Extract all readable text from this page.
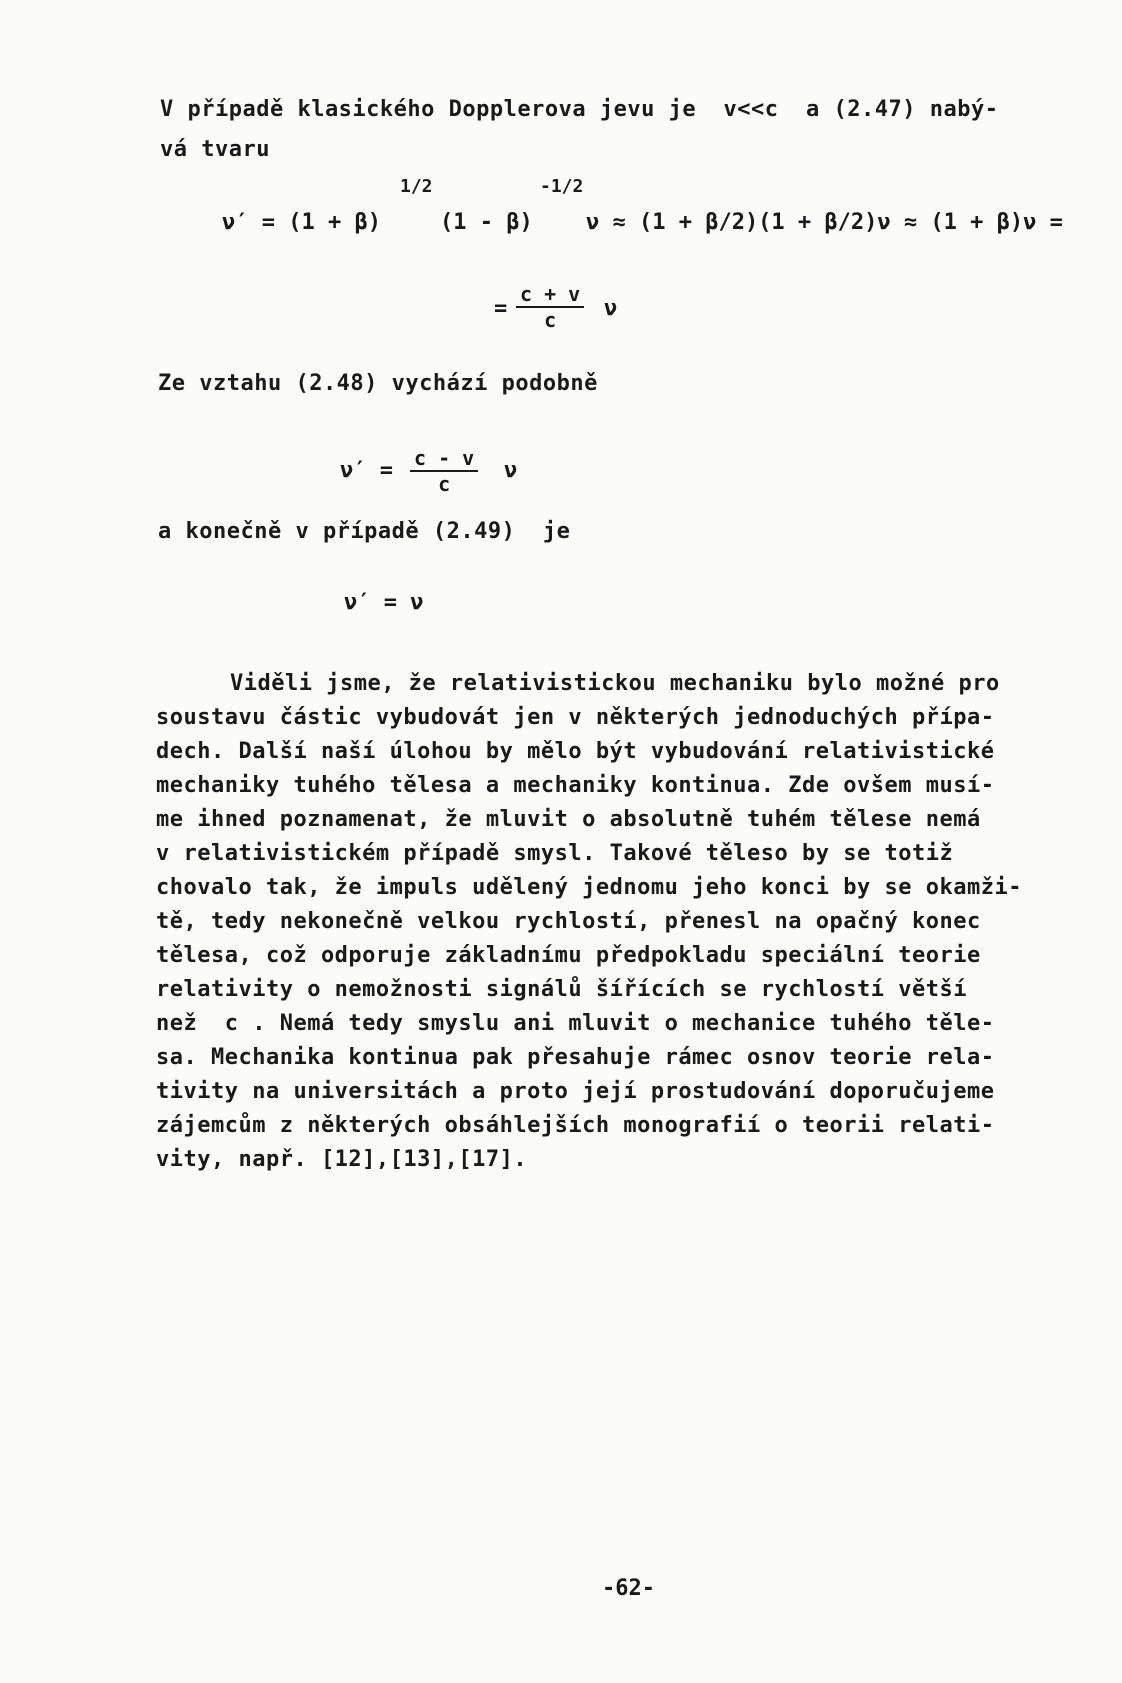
V případě klasického Dopplerova jevu je  v<<c  a (2.47) nabý-
vá tvaru
ν′ = (1 + β)
1/2
(1 - β)
-1/2
ν ≈ (1 + β/2)(1 + β/2)ν ≈ (1 + β)ν =
= $\frac{c + v}{c}$ ν
Ze vztahu (2.48) vychází podobně
$\nu' = \frac{c - v}{c}$ ν
a konečně v případě (2.49)  je
ν′ = ν
Viděli jsme, že relativistickou mechaniku bylo možné pro
soustavu částic vybudovát jen v některých jednoduchých přípa-
dech. Další naší úlohou by mělo být vybudování relativistické
mechaniky tuhého tělesa a mechaniky kontinua. Zde ovšem musí-
me ihned poznamenat, že mluvit o absolutně tuhém tělese nemá
v relativistickém případě smysl. Takové těleso by se totiž
chovalo tak, že impuls udělený jednomu jeho konci by se okamži-
tě, tedy nekonečně velkou rychlostí, přenesl na opačný konec
tělesa, což odporuje základnímu předpokladu speciální teorie
relativity o nemožnosti signálů šířících se rychlostí větší
než  c . Nemá tedy smyslu ani mluvit o mechanice tuhého těle-
sa. Mechanika kontinua pak přesahuje rámec osnov teorie rela-
tivity na universitách a proto její prostudování doporučujeme
zájemcům z některých obsáhlejších monografií o teorii relati-
vity, např. [12],[13],[17].
-62-
